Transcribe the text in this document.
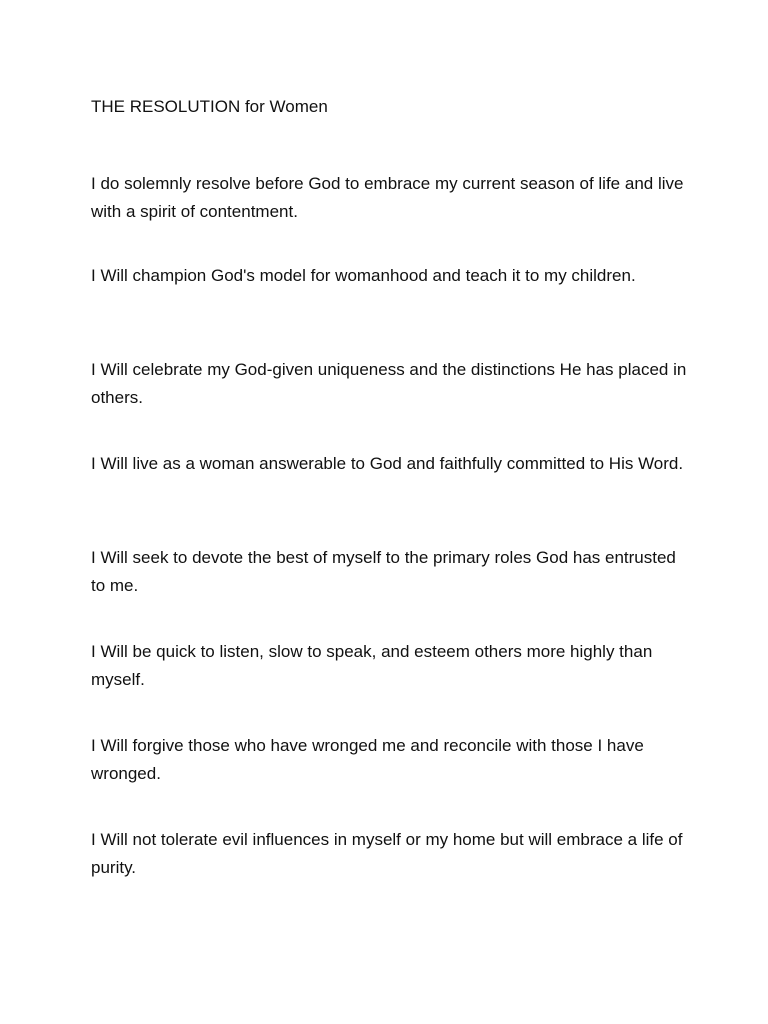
THE RESOLUTION for Women

I do solemnly resolve before God to embrace my current season of life and live with a spirit of contentment.

I Will champion God's model for womanhood and teach it to my children.

I Will celebrate my God-given uniqueness and the distinctions He has placed in others.

I Will live as a woman answerable to God and faithfully committed to His Word.

I Will seek to devote the best of myself to the primary roles God has entrusted to me.

I Will be quick to listen, slow to speak, and esteem others more highly than myself.

I Will forgive those who have wronged me and reconcile with those I have wronged.

I Will not tolerate evil influences in myself or my home but will embrace a life of purity.
